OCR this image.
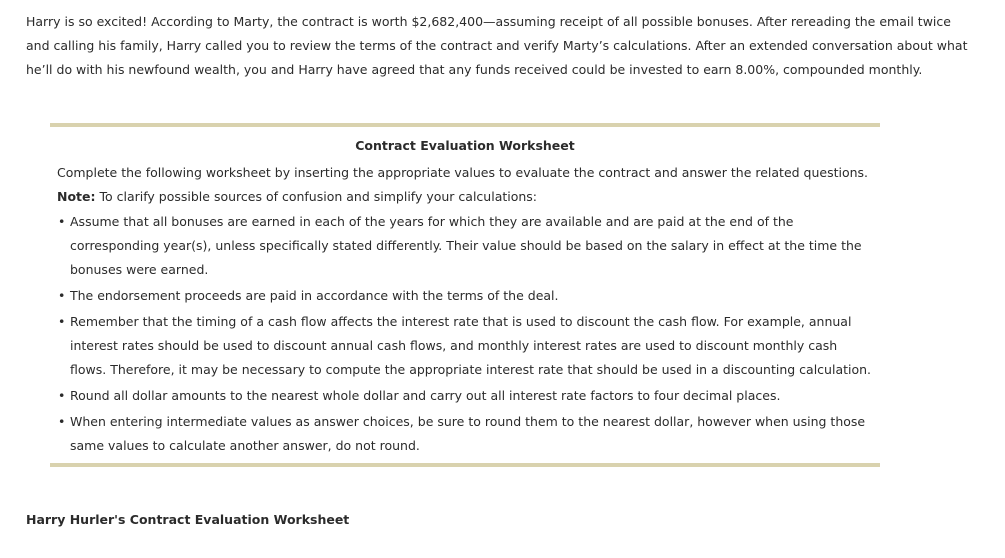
Harry is so excited! According to Marty, the contract is worth $2,682,400—assuming receipt of all possible bonuses. After rereading the email twice and calling his family, Harry called you to review the terms of the contract and verify Marty’s calculations. After an extended conversation about what he’ll do with his newfound wealth, you and Harry have agreed that any funds received could be invested to earn 8.00%, compounded monthly.

Contract Evaluation Worksheet

Complete the following worksheet by inserting the appropriate values to evaluate the contract and answer the related questions.

Note: To clarify possible sources of confusion and simplify your calculations:

• Assume that all bonuses are earned in each of the years for which they are available and are paid at the end of the corresponding year(s), unless specifically stated differently. Their value should be based on the salary in effect at the time the bonuses were earned.
• The endorsement proceeds are paid in accordance with the terms of the deal.
• Remember that the timing of a cash flow affects the interest rate that is used to discount the cash flow. For example, annual interest rates should be used to discount annual cash flows, and monthly interest rates are used to discount monthly cash flows. Therefore, it may be necessary to compute the appropriate interest rate that should be used in a discounting calculation.
• Round all dollar amounts to the nearest whole dollar and carry out all interest rate factors to four decimal places.
• When entering intermediate values as answer choices, be sure to round them to the nearest dollar, however when using those same values to calculate another answer, do not round.

Harry Hurler's Contract Evaluation Worksheet
